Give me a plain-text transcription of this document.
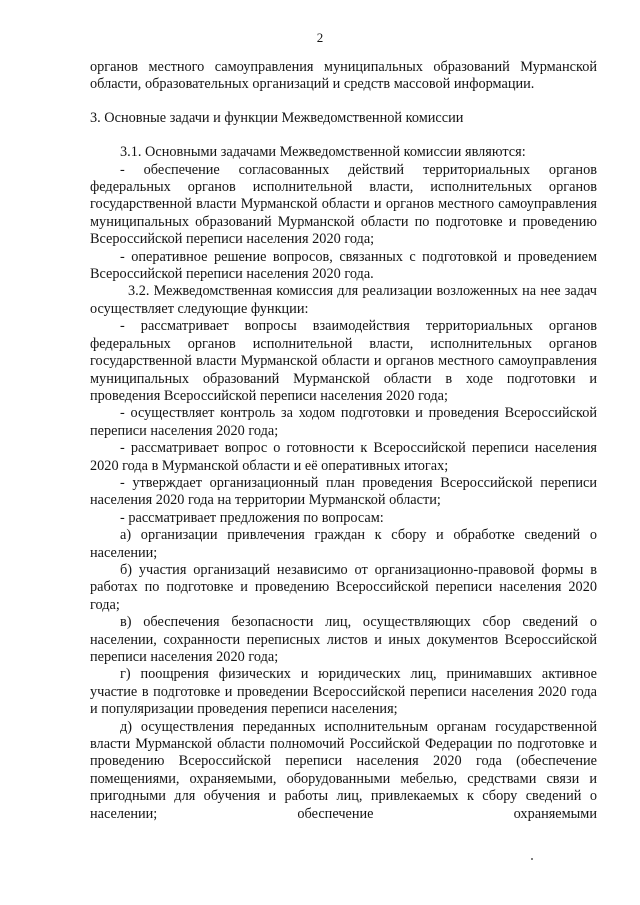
2

органов местного самоуправления муниципальных образований Мурманской области, образовательных организаций и средств массовой информации.

3. Основные задачи и функции Межведомственной комиссии

3.1. Основными задачами Межведомственной комиссии являются:

- обеспечение согласованных действий территориальных органов федеральных органов исполнительной власти, исполнительных органов государственной власти Мурманской области и органов местного самоуправления муниципальных образований Мурманской области по подготовке и проведению Всероссийской переписи населения 2020 года;

- оперативное решение вопросов, связанных с подготовкой и проведением Всероссийской переписи населения 2020 года.

3.2. Межведомственная комиссия для реализации возложенных на нее задач осуществляет следующие функции:

- рассматривает вопросы взаимодействия территориальных органов федеральных органов исполнительной власти, исполнительных органов государственной власти Мурманской области и органов местного самоуправления муниципальных образований Мурманской области в ходе подготовки и проведения Всероссийской переписи населения 2020 года;

- осуществляет контроль за ходом подготовки и проведения Всероссийской переписи населения 2020 года;

- рассматривает вопрос о готовности к Всероссийской переписи населения 2020 года в Мурманской области и её оперативных итогах;

- утверждает организационный план проведения Всероссийской переписи населения 2020 года на территории Мурманской области;

- рассматривает предложения по вопросам:

а) организации привлечения граждан к сбору и обработке сведений о населении;

б) участия организаций независимо от организационно-правовой формы в работах по подготовке и проведению Всероссийской переписи населения 2020 года;

в) обеспечения безопасности лиц, осуществляющих сбор сведений о населении, сохранности переписных листов и иных документов Всероссийской переписи населения 2020 года;

г) поощрения физических и юридических лиц, принимавших активное участие в подготовке и проведении Всероссийской переписи населения 2020 года и популяризации проведения переписи населения;

д) осуществления переданных исполнительным органам государственной власти Мурманской области полномочий Российской Федерации по подготовке и проведению Всероссийской переписи населения 2020 года (обеспечение помещениями, охраняемыми, оборудованными мебелью, средствами связи и пригодными для обучения и работы лиц, привлекаемых к сбору сведений о населении; обеспечение охраняемыми
